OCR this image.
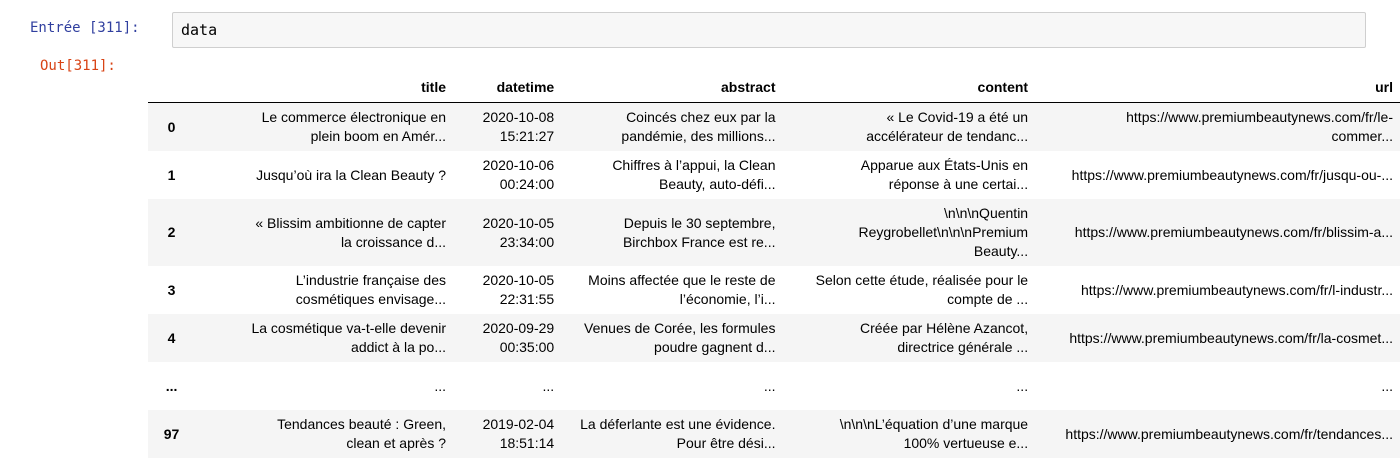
Entrée [311]:	data
Out[311]:
	title	datetime	abstract	content	url
0	Le commerce électronique en
plein boom en Amér...	2020-10-08
15:21:27	Coincés chez eux par la
pandémie, des millions...	« Le Covid-19 a été un
accélérateur de tendanc...	https://www.premiumbeautynews.com/fr/le-
commer...

1	Jusqu’où ira la Clean Beauty ?	2020-10-06
00:24:00	Chiffres à l’appui, la Clean
Beauty, auto-défi...	Apparue aux États-Unis en
réponse à une certai...	https://www.premiumbeautynews.com/fr/jusqu-ou-...

2	« Blissim ambitionne de capter
la croissance d...	2020-10-05
23:34:00	Depuis le 30 septembre,
Birchbox France est re...	\n\n\nQuentin
Reygrobellet\n\n\nPremium
Beauty...	https://www.premiumbeautynews.com/fr/blissim-a...

3	L’industrie française des
cosmétiques envisage...	2020-10-05
22:31:55	Moins affectée que le reste de
l’économie, l’i...	Selon cette étude, réalisée pour le
compte de ...	https://www.premiumbeautynews.com/fr/l-industr...

4	La cosmétique va-t-elle devenir
addict à la po...	2020-09-29
00:35:00	Venues de Corée, les formules
poudre gagnent d...	Créée par Hélène Azancot,
directrice générale ...	https://www.premiumbeautynews.com/fr/la-cosmet...

...	...	...	...	...	...

97	Tendances beauté : Green,
clean et après ?	2019-02-04
18:51:14	La déferlante est une évidence.
Pour être dési...	\n\n\nL’équation d’une marque
100% vertueuse e...	https://www.premiumbeautynews.com/fr/tendances...
